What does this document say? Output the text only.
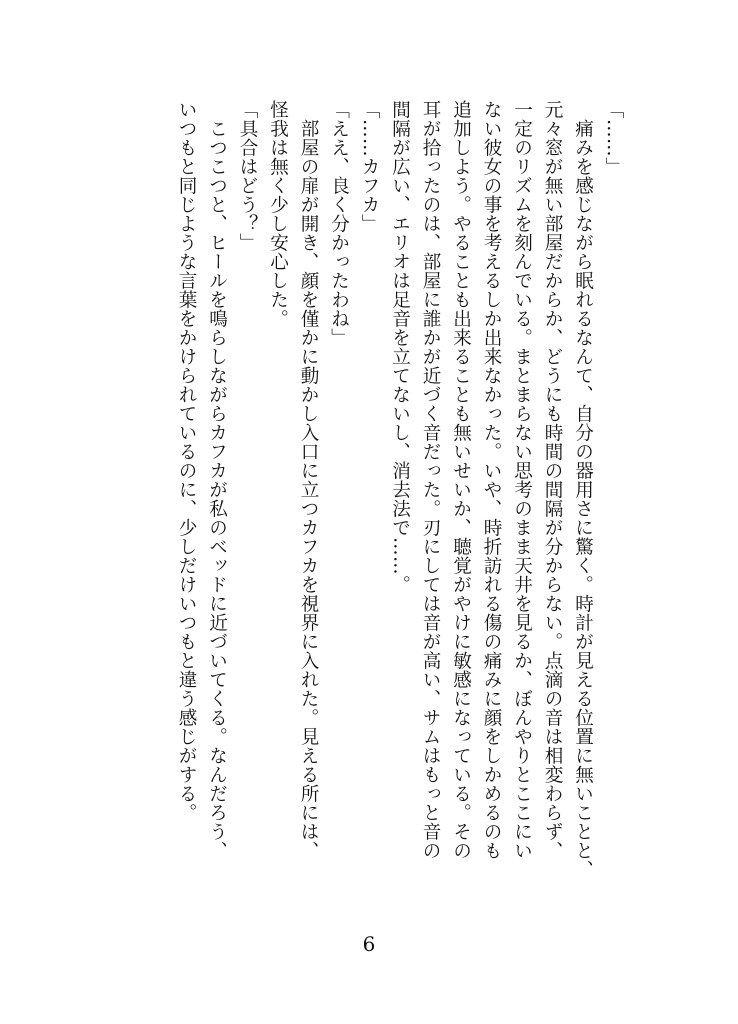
「……」
　痛みを感じながら眠れるなんて、自分の器用さに驚く。時計が見える位置に無いことと、
元々窓が無い部屋だからか、どうにも時間の間隔が分からない。点滴の音は相変わらず、
一定のリズムを刻んでいる。まとまらない思考のまま天井を見るか、ぼんやりとここにい
ない彼女の事を考えるしか出来なかった。いや、時折訪れる傷の痛みに顔をしかめるのも
追加しよう。やることも出来ることも無いせいか、聴覚がやけに敏感になっている。その
耳が拾ったのは、部屋に誰かが近づく音だった。刃にしては音が高い、サムはもっと音の
間隔が広い、エリオは足音を立てないし、消去法で……。
「……カフカ」
「ええ、良く分かったわね」
　部屋の扉が開き、顔を僅かに動かし入口に立つカフカを視界に入れた。見える所には、
怪我は無く少し安心した。
「具合はどう？」
　こつこつと、ヒールを鳴らしながらカフカが私のベッドに近づいてくる。なんだろう、
いつもと同じような言葉をかけられているのに、少しだけいつもと違う感じがする。
6
